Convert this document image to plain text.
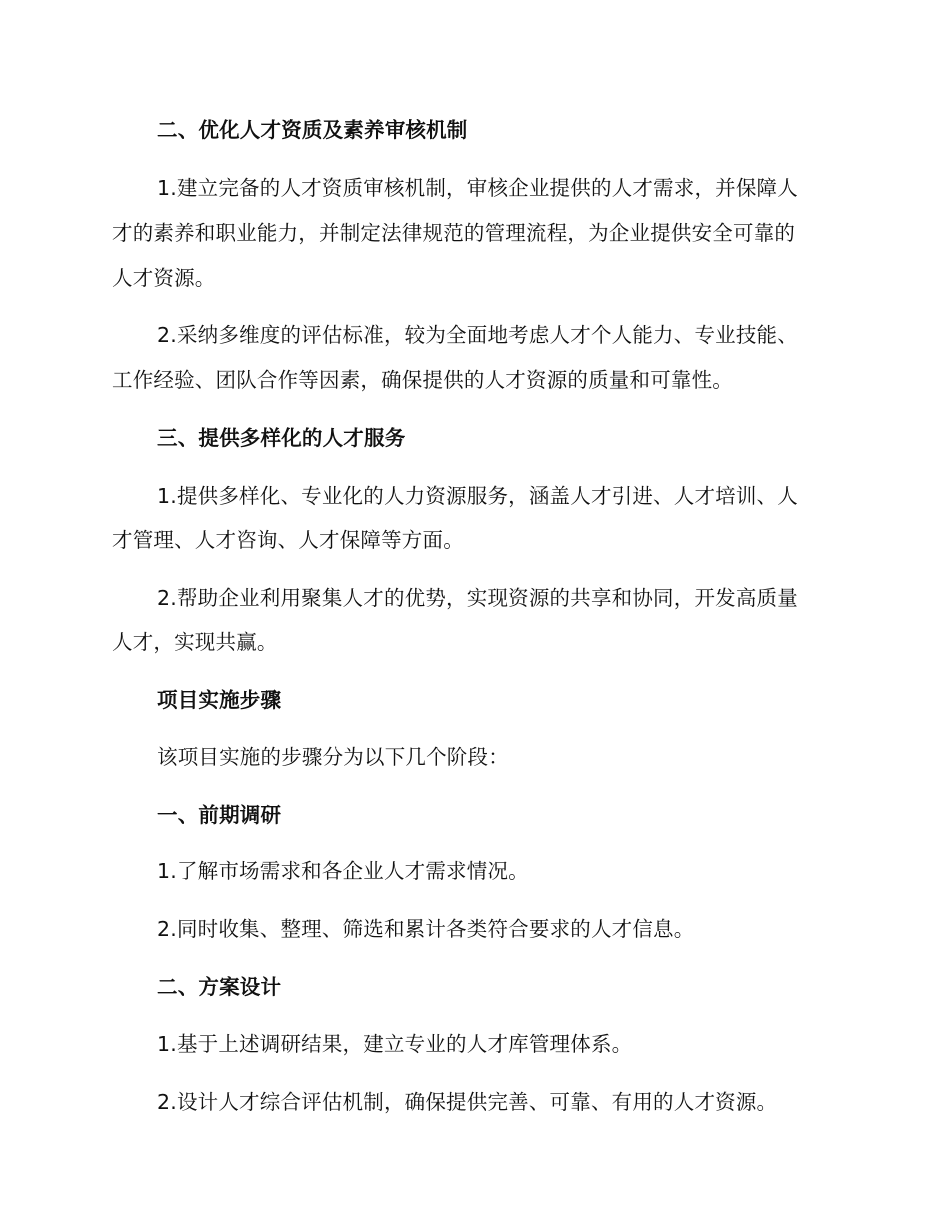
二、优化人才资质及素养审核机制
1.建立完备的人才资质审核机制，审核企业提供的人才需求，并保障人
才的素养和职业能力，并制定法律规范的管理流程，为企业提供安全可靠的
人才资源。
2.采纳多维度的评估标准，较为全面地考虑人才个人能力、专业技能、
工作经验、团队合作等因素，确保提供的人才资源的质量和可靠性。
三、提供多样化的人才服务
1.提供多样化、专业化的人力资源服务，涵盖人才引进、人才培训、人
才管理、人才咨询、人才保障等方面。
2.帮助企业利用聚集人才的优势，实现资源的共享和协同，开发高质量
人才，实现共赢。
项目实施步骤
该项目实施的步骤分为以下几个阶段：
一、前期调研
1.了解市场需求和各企业人才需求情况。
2.同时收集、整理、筛选和累计各类符合要求的人才信息。
二、方案设计
1.基于上述调研结果，建立专业的人才库管理体系。
2.设计人才综合评估机制，确保提供完善、可靠、有用的人才资源。
